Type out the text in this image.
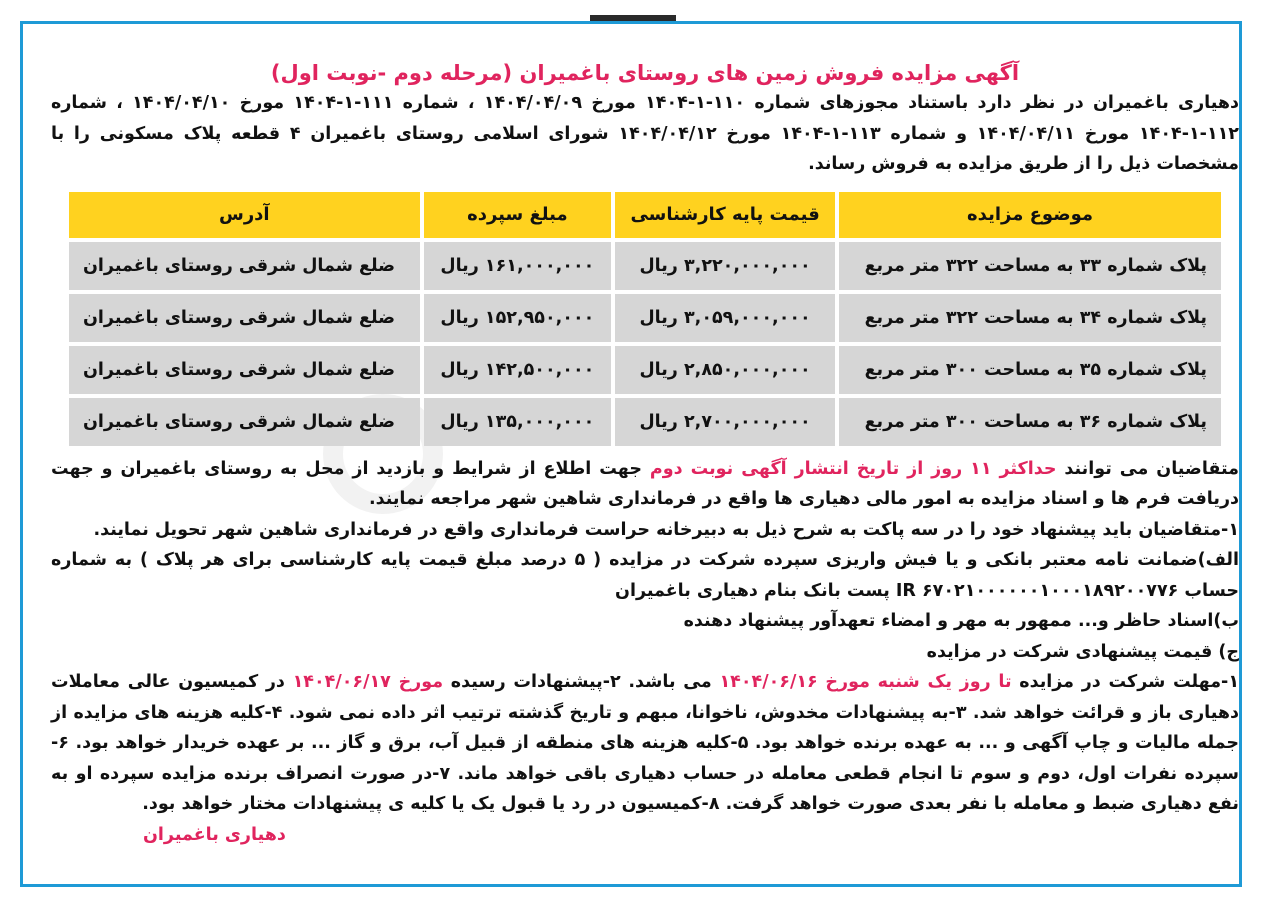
آگهی مزایده فروش زمین های روستای باغمیران (مرحله دوم -نوبت اول)

دهیاری باغمیران در نظر دارد باستناد مجوزهای شماره ۱۱۰-۱-۱۴۰۴ مورخ ۱۴۰۴/۰۴/۰۹ ، شماره ۱۱۱-۱-۱۴۰۴ مورخ ۱۴۰۴/۰۴/۱۰ ، شماره ۱۱۲-۱-۱۴۰۴ مورخ ۱۴۰۴/۰۴/۱۱ و شماره ۱۱۳-۱-۱۴۰۴ مورخ ۱۴۰۴/۰۴/۱۲ شورای اسلامی روستای باغمیران ۴ قطعه پلاک مسکونی را با مشخصات ذیل را از طریق مزایده به فروش رساند.

موضوع مزایده	قیمت پایه کارشناسی	مبلغ سپرده	آدرس
پلاک شماره ۳۳ به مساحت ۳۲۲ متر مربع	۳,۲۲۰,۰۰۰,۰۰۰ ریال	۱۶۱,۰۰۰,۰۰۰ ریال	ضلع شمال شرقی روستای باغمیران
پلاک شماره ۳۴ به مساحت ۳۲۲ متر مربع	۳,۰۵۹,۰۰۰,۰۰۰ ریال	۱۵۲,۹۵۰,۰۰۰ ریال	ضلع شمال شرقی روستای باغمیران
پلاک شماره ۳۵ به مساحت ۳۰۰ متر مربع	۲,۸۵۰,۰۰۰,۰۰۰ ریال	۱۴۲,۵۰۰,۰۰۰ ریال	ضلع شمال شرقی روستای باغمیران
پلاک شماره ۳۶ به مساحت ۳۰۰ متر مربع	۲,۷۰۰,۰۰۰,۰۰۰ ریال	۱۳۵,۰۰۰,۰۰۰ ریال	ضلع شمال شرقی روستای باغمیران

متقاضیان می توانند حداکثر ۱۱ روز از تاریخ انتشار آگهی نوبت دوم جهت اطلاع از شرایط و بازدید از محل به روستای باغمیران و جهت دریافت فرم ها و اسناد مزایده به امور مالی دهیاری ها واقع در فرمانداری شاهین شهر مراجعه نمایند.

۱-متقاضیان باید پیشنهاد خود را در سه پاکت به شرح ذیل به دبیرخانه حراست فرمانداری واقع در فرمانداری شاهین شهر تحویل نمایند.

الف)ضمانت نامه معتبر بانکی و یا فیش واریزی سپرده شرکت در مزایده ( ۵ درصد مبلغ قیمت پایه کارشناسی برای هر پلاک ) به شماره حساب IR ۶۷۰۲۱۰۰۰۰۰۰۱۰۰۰۱۸۹۲۰۰۷۷۶ پست بانک بنام دهیاری باغمیران

ب)اسناد حاظر و... ممهور به مهر و امضاء تعهدآور پیشنهاد دهنده

ج) قیمت پیشنهادی شرکت در مزایده

۱-مهلت شرکت در مزایده تا روز یک شنبه مورخ ۱۴۰۴/۰۶/۱۶ می باشد. ۲-پیشنهادات رسیده مورخ ۱۴۰۴/۰۶/۱۷ در کمیسیون عالی معاملات دهیاری باز و قرائت خواهد شد. ۳-به پیشنهادات مخدوش، ناخوانا، مبهم و تاریخ گذشته ترتیب اثر داده نمی شود. ۴-کلیه هزینه های مزایده از جمله مالیات و چاپ آگهی و ... به عهده برنده خواهد بود. ۵-کلیه هزینه های منطقه از قبیل آب، برق و گاز ... بر عهده خریدار خواهد بود. ۶-سپرده نفرات اول، دوم و سوم تا انجام قطعی معامله در حساب دهیاری باقی خواهد ماند. ۷-در صورت انصراف برنده مزایده سپرده او به نفع دهیاری ضبط و معامله با نفر بعدی صورت خواهد گرفت. ۸-کمیسیون در رد یا قبول یک یا کلیه ی پیشنهادات مختار خواهد بود.
دهیاری باغمیران
